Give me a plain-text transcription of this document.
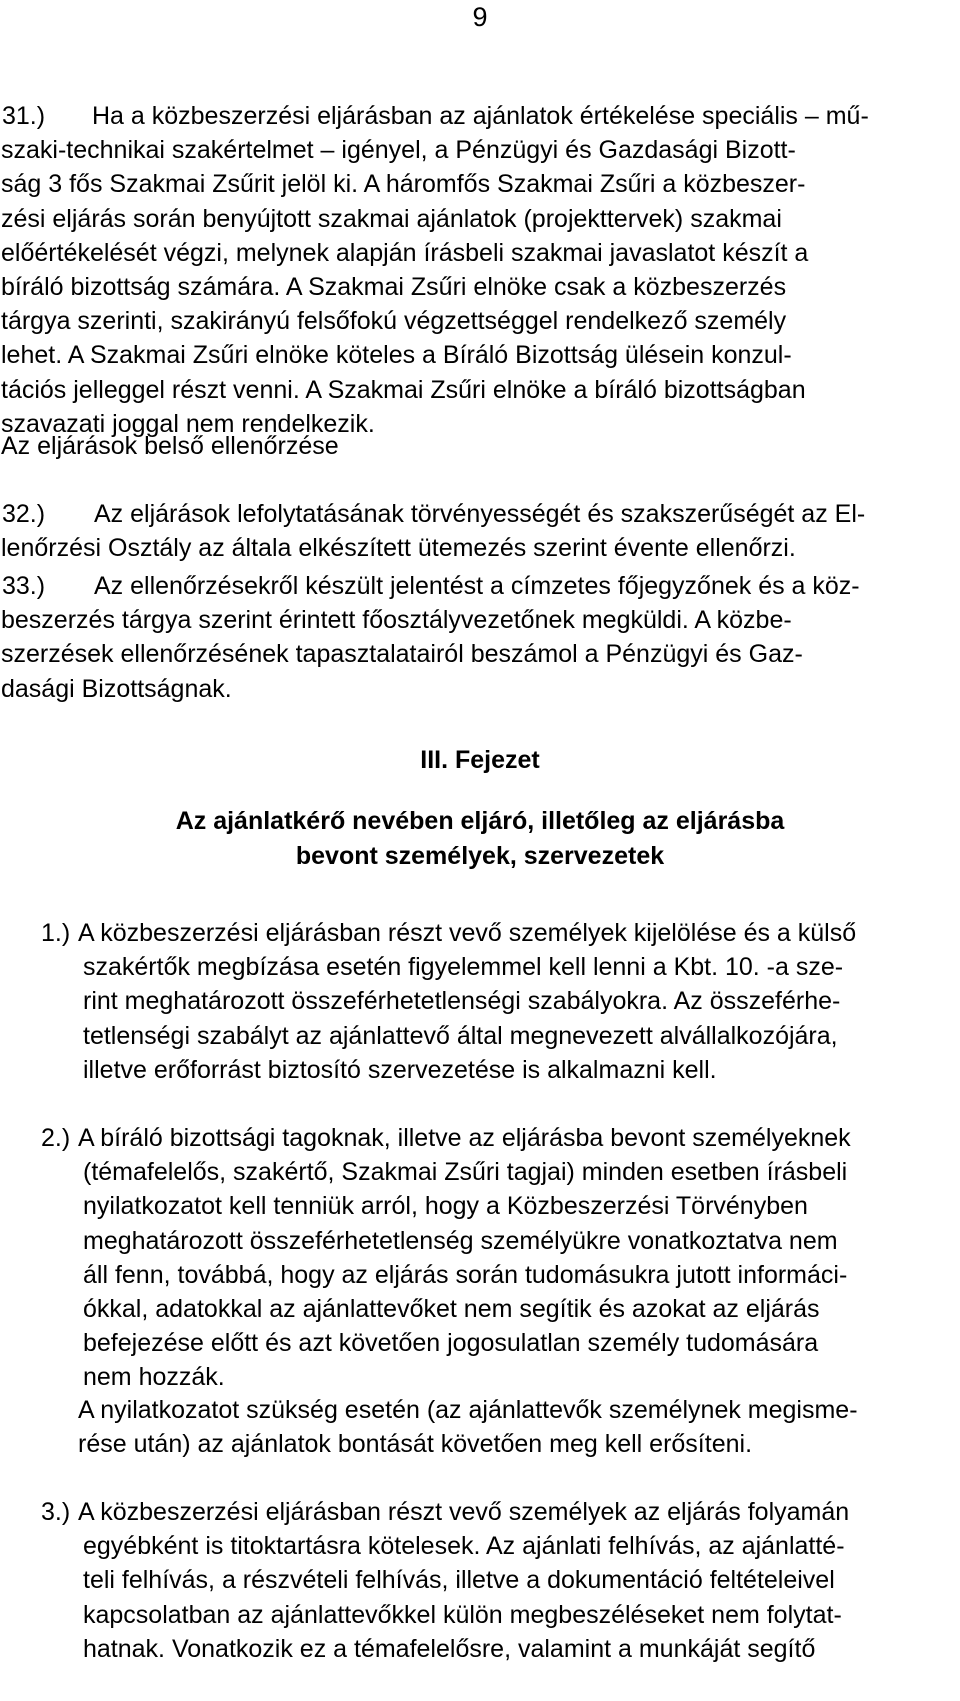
9
31.)	Ha a közbeszerzési eljárásban az ajánlatok értékelése speciális – mű-
szaki-technikai szakértelmet – igényel, a Pénzügyi és Gazdasági Bizott-
ság 3 fős Szakmai Zsűrit jelöl ki. A háromfős Szakmai Zsűri a közbeszer-
zési eljárás során benyújtott szakmai ajánlatok (projekttervek) szakmai
előértékelését végzi, melynek alapján írásbeli szakmai javaslatot készít a
bíráló bizottság számára. A Szakmai Zsűri elnöke csak a közbeszerzés
tárgya szerinti, szakirányú felsőfokú végzettséggel rendelkező személy
lehet. A Szakmai Zsűri elnöke köteles a Bíráló Bizottság ülésein konzul-
tációs jelleggel részt venni. A Szakmai Zsűri elnöke a bíráló bizottságban
szavazati joggal nem rendelkezik.
Az eljárások belső ellenőrzése
32.)	Az eljárások lefolytatásának törvényességét és szakszerűségét az El-
lenőrzési Osztály az általa elkészített ütemezés szerint évente ellenőrzi.
33.)	Az ellenőrzésekről készült jelentést a címzetes főjegyzőnek és a köz-
beszerzés tárgya szerint érintett főosztályvezetőnek megküldi. A közbe-
szerzések ellenőrzésének tapasztalatairól beszámol a Pénzügyi és Gaz-
dasági Bizottságnak.
III. Fejezet
Az ajánlatkérő nevében eljáró, illetőleg az eljárásba
bevont személyek, szervezetek
1.) A közbeszerzési eljárásban részt vevő személyek kijelölése és a külső
szakértők megbízása esetén figyelemmel kell lenni a Kbt. 10. -a sze-
rint meghatározott összeférhetetlenségi szabályokra. Az összeférhe-
tetlenségi szabályt az ajánlattevő által megnevezett alvállalkozójára,
illetve erőforrást biztosító szervezetése is alkalmazni kell.
2.) A bíráló bizottsági tagoknak, illetve az eljárásba bevont személyeknek
(témafelelős, szakértő, Szakmai Zsűri tagjai) minden esetben írásbeli
nyilatkozatot kell tenniük arról, hogy a Közbeszerzési Törvényben
meghatározott összeférhetetlenség személyükre vonatkoztatva nem
áll fenn, továbbá, hogy az eljárás során tudomásukra jutott informáci-
ókkal, adatokkal az ajánlattevőket nem segítik és azokat az eljárás
befejezése előtt és azt követően jogosulatlan személy tudomására
nem hozzák.
A nyilatkozatot szükség esetén (az ajánlattevők személynek megisme-
rése után) az ajánlatok bontását követően meg kell erősíteni.
3.) A közbeszerzési eljárásban részt vevő személyek az eljárás folyamán
egyébként is titoktartásra kötelesek. Az ajánlati felhívás, az ajánlatté-
teli felhívás, a részvételi felhívás, illetve a dokumentáció feltételeivel
kapcsolatban az ajánlattevőkkel külön megbeszéléseket nem folytat-
hatnak. Vonatkozik ez a témafelelősre, valamint a munkáját segítő
